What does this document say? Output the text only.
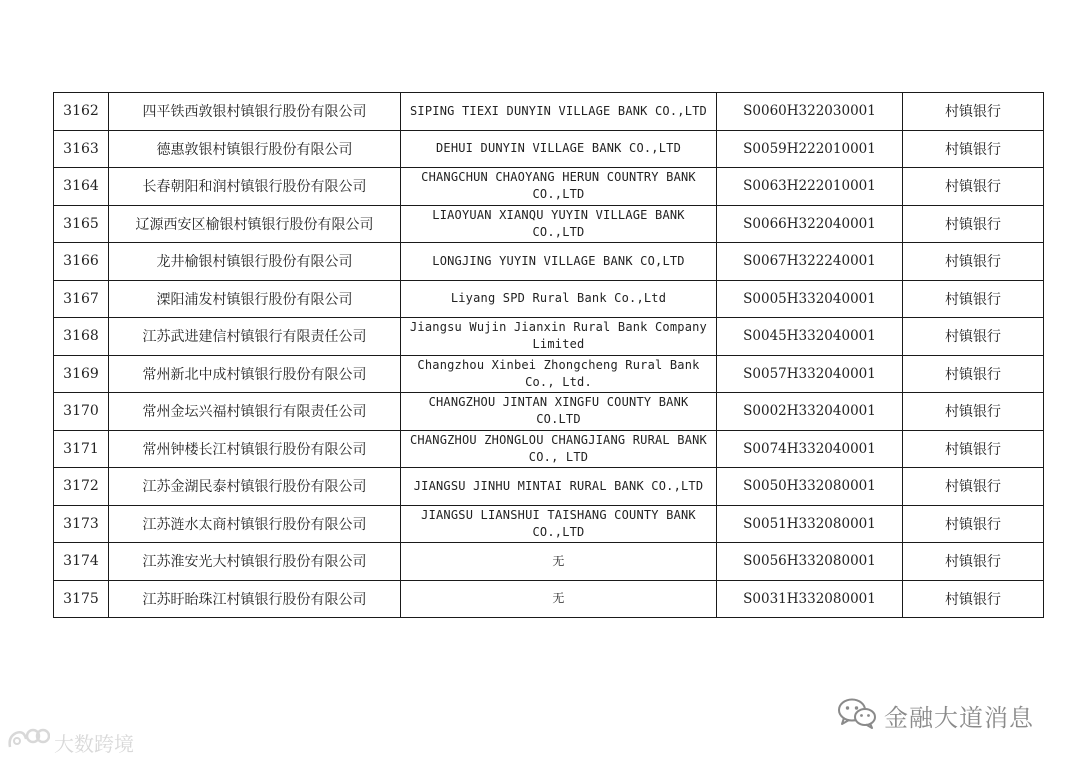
3162	四平铁西敦银村镇银行股份有限公司	SIPING TIEXI DUNYIN VILLAGE BANK CO.,LTD	S0060H322030001	村镇银行
3163	德惠敦银村镇银行股份有限公司	DEHUI DUNYIN VILLAGE BANK CO.,LTD	S0059H222010001	村镇银行
3164	长春朝阳和润村镇银行股份有限公司	CHANGCHUN CHAOYANG HERUN COUNTRY BANK CO.,LTD	S0063H222010001	村镇银行
3165	辽源西安区榆银村镇银行股份有限公司	LIAOYUAN XIANQU YUYIN VILLAGE BANK CO.,LTD	S0066H322040001	村镇银行
3166	龙井榆银村镇银行股份有限公司	LONGJING YUYIN VILLAGE BANK CO,LTD	S0067H322240001	村镇银行
3167	溧阳浦发村镇银行股份有限公司	Liyang SPD Rural Bank Co.,Ltd	S0005H332040001	村镇银行
3168	江苏武进建信村镇银行有限责任公司	Jiangsu Wujin Jianxin Rural Bank Company Limited	S0045H332040001	村镇银行
3169	常州新北中成村镇银行股份有限公司	Changzhou Xinbei Zhongcheng Rural Bank Co., Ltd.	S0057H332040001	村镇银行
3170	常州金坛兴福村镇银行有限责任公司	CHANGZHOU JINTAN XINGFU COUNTY BANK CO.LTD	S0002H332040001	村镇银行
3171	常州钟楼长江村镇银行股份有限公司	CHANGZHOU ZHONGLOU CHANGJIANG RURAL BANK CO., LTD	S0074H332040001	村镇银行
3172	江苏金湖民泰村镇银行股份有限公司	JIANGSU JINHU MINTAI RURAL BANK CO.,LTD	S0050H332080001	村镇银行
3173	江苏涟水太商村镇银行股份有限公司	JIANGSU LIANSHUI TAISHANG COUNTY BANK CO.,LTD	S0051H332080001	村镇银行
3174	江苏淮安光大村镇银行股份有限公司	无	S0056H332080001	村镇银行
3175	江苏盱眙珠江村镇银行股份有限公司	无	S0031H332080001	村镇银行
金融大道消息
大数跨境
